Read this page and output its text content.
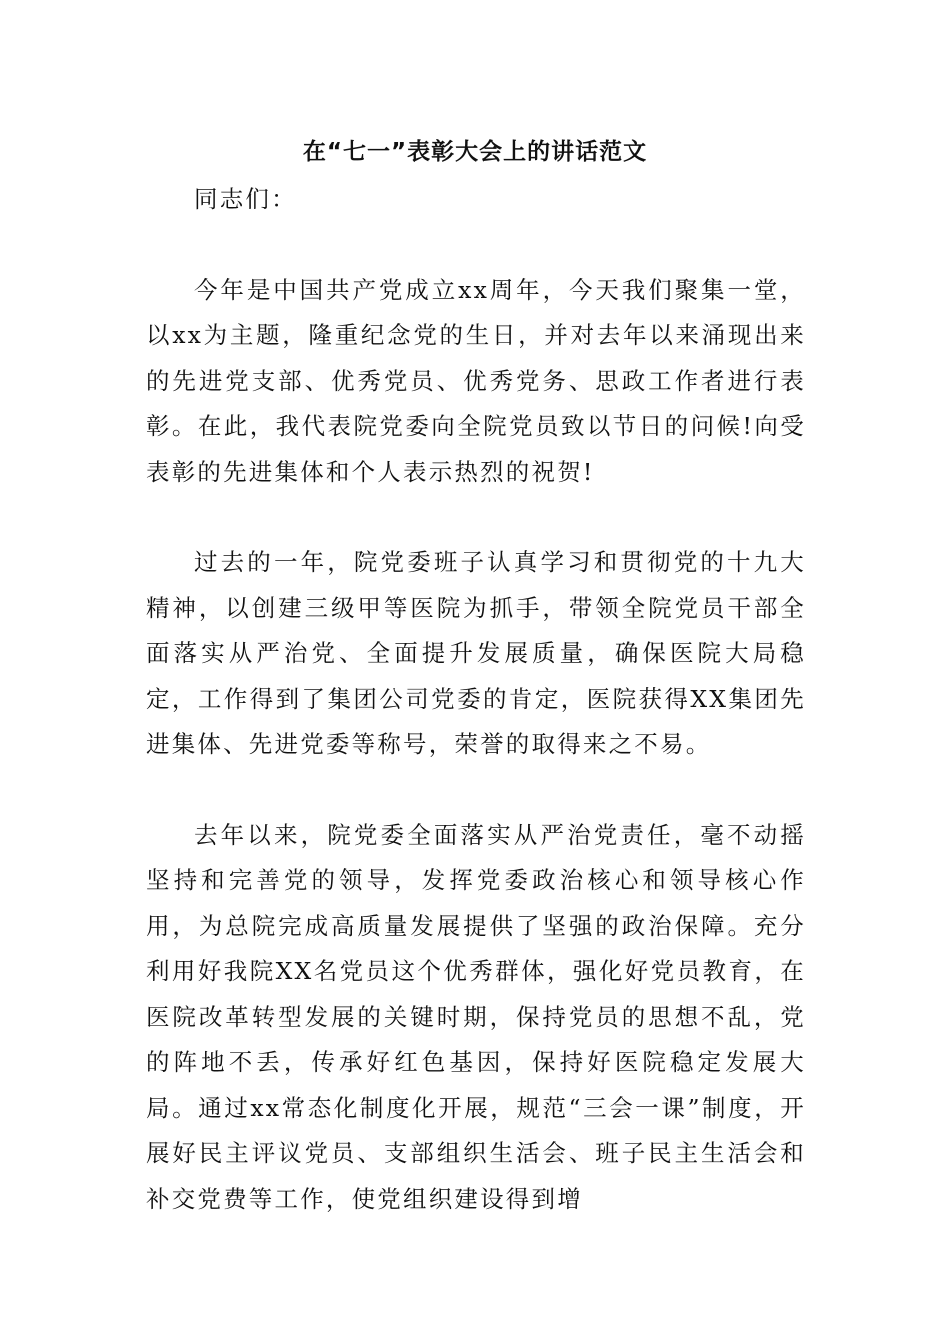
在“七一”表彰大会上的讲话范文

同志们：

今年是中国共产党成立xx周年，今天我们聚集一堂，以xx为主题，隆重纪念党的生日，并对去年以来涌现出来的先进党支部、优秀党员、优秀党务、思政工作者进行表彰。在此，我代表院党委向全院党员致以节日的问候!向受表彰的先进集体和个人表示热烈的祝贺!

过去的一年，院党委班子认真学习和贯彻党的十九大精神，以创建三级甲等医院为抓手，带领全院党员干部全面落实从严治党、全面提升发展质量，确保医院大局稳定，工作得到了集团公司党委的肯定，医院获得XX集团先进集体、先进党委等称号，荣誉的取得来之不易。

去年以来，院党委全面落实从严治党责任，毫不动摇坚持和完善党的领导，发挥党委政治核心和领导核心作用，为总院完成高质量发展提供了坚强的政治保障。充分利用好我院XX名党员这个优秀群体，强化好党员教育，在医院改革转型发展的关键时期，保持党员的思想不乱，党的阵地不丢，传承好红色基因，保持好医院稳定发展大局。通过xx常态化制度化开展，规范“三会一课”制度，开展好民主评议党员、支部组织生活会、班子民主生活会和补交党费等工作，使党组织建设得到增
